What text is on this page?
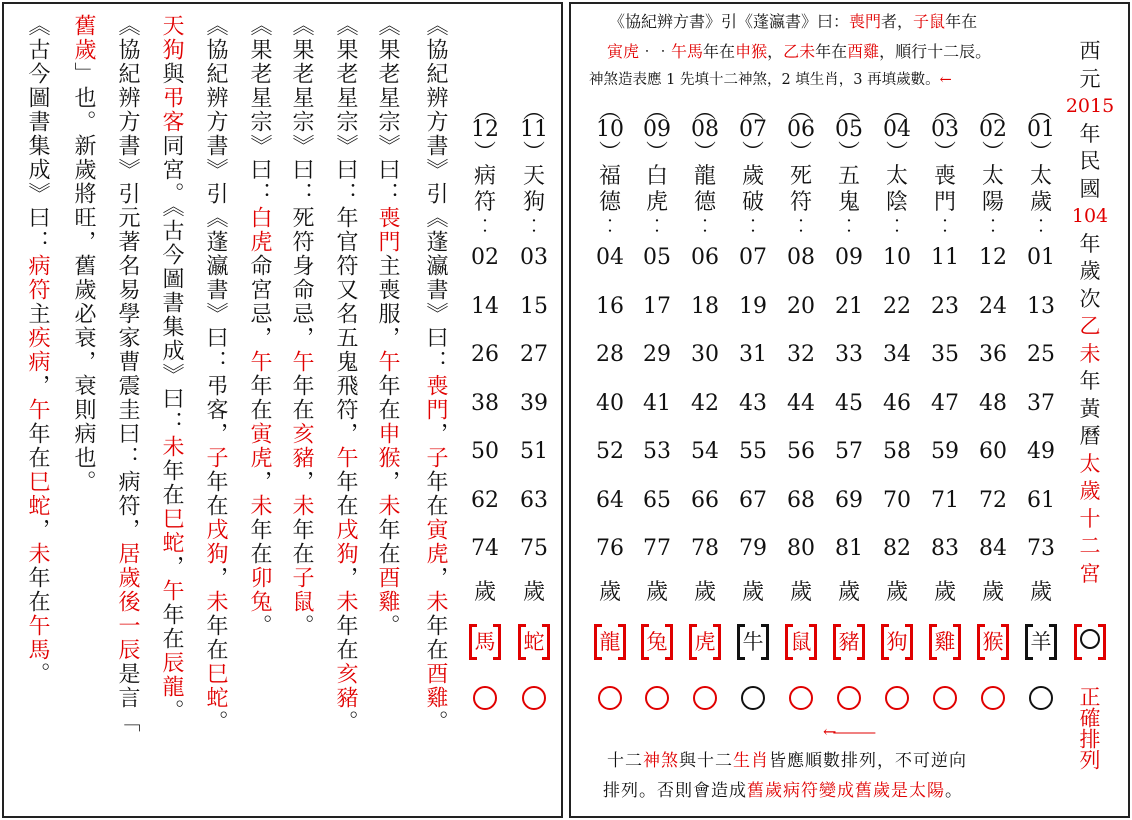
《協紀辨方書》引《蓬瀛書》曰：喪門，子年在寅虎，未年在酉雞。
《果老星宗》曰：喪門主喪服，午年在申猴，未年在酉雞。
《果老星宗》曰：年官符又名五鬼飛符，午年在戌狗，未年在亥豬。
《果老星宗》曰：死符身命忌，午年在亥豬，未年在子鼠。
《果老星宗》曰：白虎命宮忌，午年在寅虎，未年在卯兔。
《協紀辨方書》引《蓬瀛書》曰：弔客，子年在戌狗，未年在巳蛇。
天狗與弔客同宮。《古今圖書集成》曰：未年在巳蛇，午年在辰龍。
《協紀辨方書》引元著名易學家曹震圭曰：病符，居歲後一辰是言「
舊歲」也。新歲將旺，舊歲必衰，衰則病也。
《古今圖書集成》曰：病符主疾病，午年在巳蛇，未年在午馬。
︵
11
︶
天
狗
︰
03
15
27
39
51
63
75
歲
蛇
︵
12
︶
病
符
︰
02
14
26
38
50
62
74
歲
馬
《協紀辨方書》引《蓬瀛書》曰：喪門者，子鼠年在
寅虎‧‧午馬年在申猴，乙未年在酉雞，順行十二辰。
神煞造表應 1 先填十二神煞，2 填生肖，3 再填歲數。←
︵
10
︶
福
德
︰
04
16
28
40
52
64
76
歲
龍
︵
09
︶
白
虎
︰
05
17
29
41
53
65
77
歲
兔
︵
08
︶
龍
德
︰
06
18
30
42
54
66
78
歲
虎
︵
07
︶
歲
破
︰
07
19
31
43
55
67
79
歲
牛
︵
06
︶
死
符
︰
08
20
32
44
56
68
80
歲
鼠
︵
05
︶
五
鬼
︰
09
21
33
45
57
69
81
歲
豬
︵
04
︶
太
陰
︰
10
22
34
46
58
70
82
歲
狗
︵
03
︶
喪
門
︰
11
23
35
47
59
71
83
歲
雞
︵
02
︶
太
陽
︰
12
24
36
48
60
72
84
歲
猴
︵
01
︶
太
歲
︰
01
13
25
37
49
61
73
歲
羊
西
元
2015
年
民
國
104
年
歲
次
乙
未
年
黃
曆
太
歲
十
二
宮
正確排列
←―――
十二神煞與十二生肖皆應順數排列，不可逆向
排列。否則會造成舊歲病符變成舊歲是太陽。
